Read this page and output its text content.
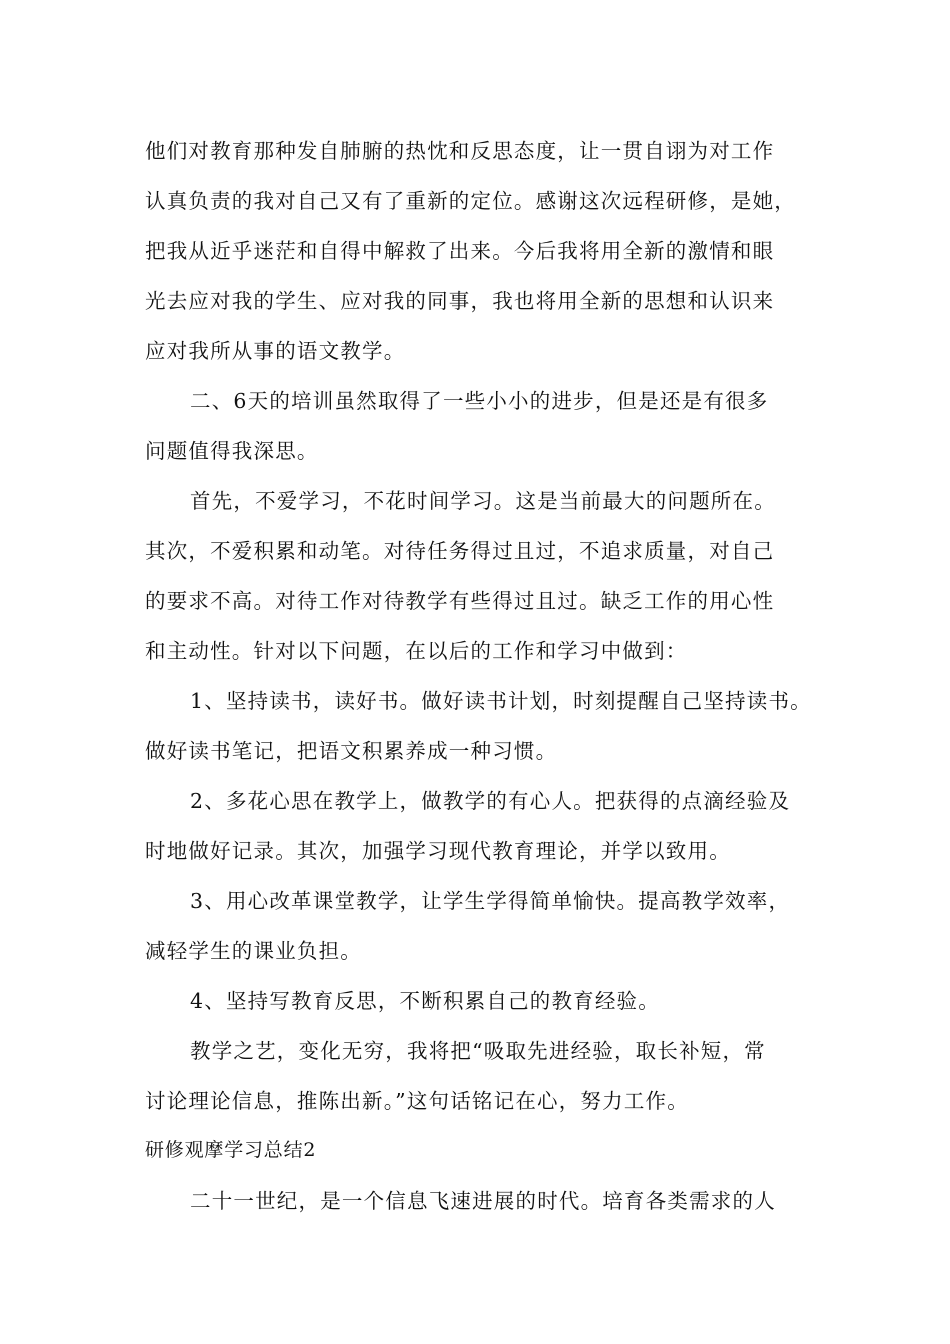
他们对教育那种发自肺腑的热忱和反思态度，让一贯自诩为对工作
认真负责的我对自己又有了重新的定位。感谢这次远程研修，是她，
把我从近乎迷茫和自得中解救了出来。今后我将用全新的激情和眼
光去应对我的学生、应对我的同事，我也将用全新的思想和认识来
应对我所从事的语文教学。
二、6天的培训虽然取得了一些小小的进步，但是还是有很多
问题值得我深思。
首先，不爱学习，不花时间学习。这是当前最大的问题所在。
其次，不爱积累和动笔。对待任务得过且过，不追求质量，对自己
的要求不高。对待工作对待教学有些得过且过。缺乏工作的用心性
和主动性。针对以下问题，在以后的工作和学习中做到：
1、坚持读书，读好书。做好读书计划，时刻提醒自己坚持读书。
做好读书笔记，把语文积累养成一种习惯。
2、多花心思在教学上，做教学的有心人。把获得的点滴经验及
时地做好记录。其次，加强学习现代教育理论，并学以致用。
3、用心改革课堂教学，让学生学得简单愉快。提高教学效率，
减轻学生的课业负担。
4、坚持写教育反思，不断积累自己的教育经验。
教学之艺，变化无穷，我将把“吸取先进经验，取长补短，常
讨论理论信息，推陈出新。”这句话铭记在心，努力工作。
研修观摩学习总结2
二十一世纪，是一个信息飞速进展的时代。培育各类需求的人
